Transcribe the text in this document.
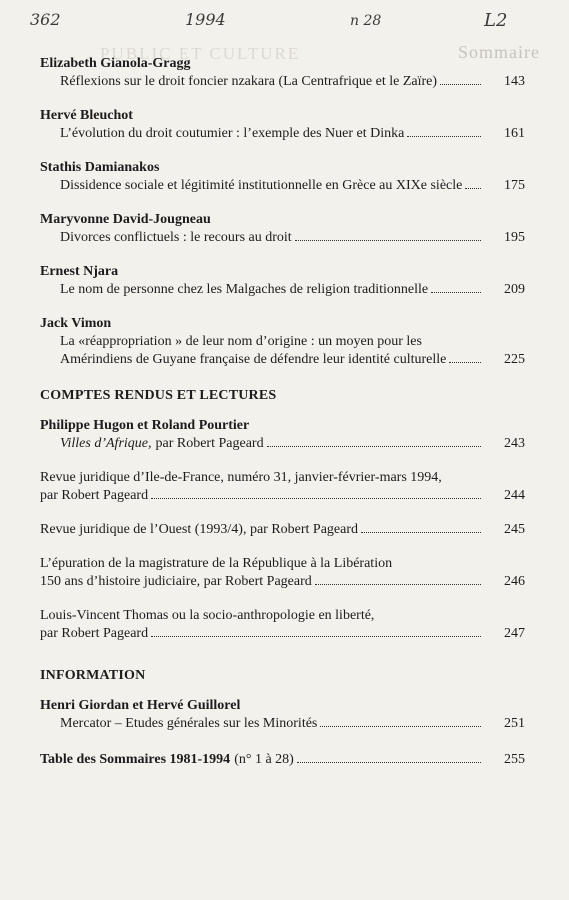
362	1994	n 28	L2
Sommaire
PUBLIC ET CULTURE
Elizabeth Gianola-Gragg
Réflexions sur le droit foncier nzakara (La Centrafrique et le Zaïre)	143
Hervé Bleuchot
L’évolution du droit coutumier : l’exemple des Nuer et Dinka	161
Stathis Damianakos
Dissidence sociale et légitimité institutionnelle en Grèce au XIXe siècle	175
Maryvonne David-Jougneau
Divorces conflictuels : le recours au droit	195
Ernest Njara
Le nom de personne chez les Malgaches de religion traditionnelle	209
Jack Vimon
La «réappropriation » de leur nom d’origine : un moyen pour les
Amérindiens de Guyane française de défendre leur identité culturelle	225
COMPTES RENDUS ET LECTURES
Philippe Hugon et Roland Pourtier
Villes d’Afrique, par Robert Pageard	243
Revue juridique d’Ile-de-France, numéro 31, janvier-février-mars 1994,
par Robert Pageard	244
Revue juridique de l’Ouest (1993/4), par Robert Pageard	245
L’épuration de la magistrature de la République à la Libération
150 ans d’histoire judiciaire, par Robert Pageard	246
Louis-Vincent Thomas ou la socio-anthropologie en liberté,
par Robert Pageard	247
INFORMATION
Henri Giordan et Hervé Guillorel
Mercator – Etudes générales sur les Minorités	251
Table des Sommaires 1981-1994 (n° 1 à 28)	255
